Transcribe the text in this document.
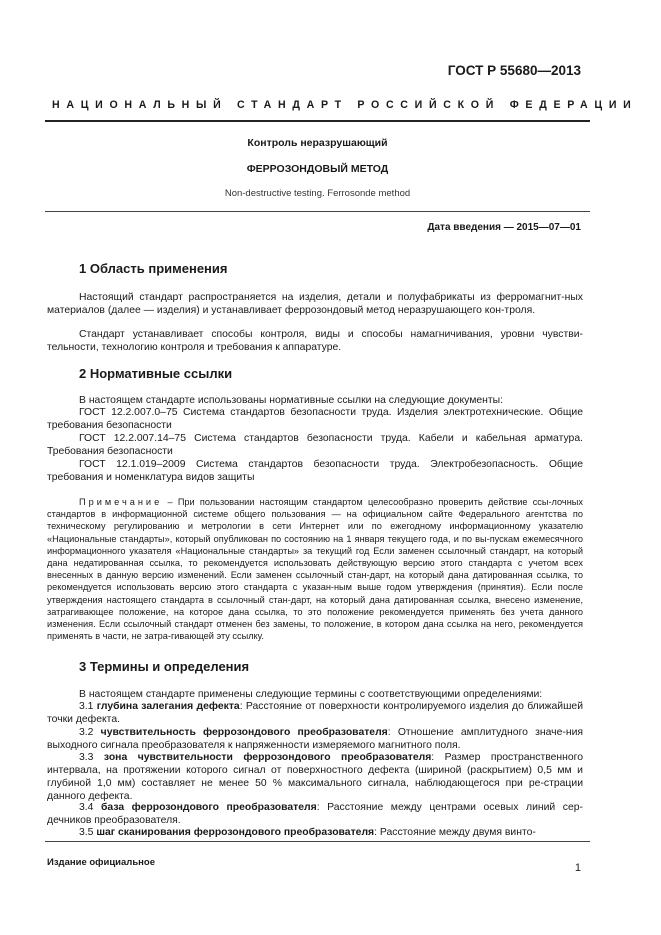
ГОСТ Р 55680—2013
НАЦИОНАЛЬНЫЙ СТАНДАРТ РОССИЙСКОЙ ФЕДЕРАЦИИ
Контроль неразрушающий
ФЕРРОЗОНДОВЫЙ МЕТОД
Non-destructive testing. Ferrosonde method
Дата введения — 2015—07—01
1 Область применения

Настоящий стандарт распространяется на изделия, детали и полуфабрикаты из ферромагнит-ных материалов (далее — изделия) и устанавливает феррозондовый метод неразрушающего кон-троля.

Стандарт устанавливает способы контроля, виды и способы намагничивания, уровни чувстви-тельности, технологию контроля и требования к аппаратуре.

2 Нормативные ссылки

В настоящем стандарте использованы нормативные ссылки на следующие документы:

ГОСТ 12.2.007.0–75 Система стандартов безопасности труда. Изделия электротехнические. Общие требования безопасности

ГОСТ 12.2.007.14–75 Система стандартов безопасности труда. Кабели и кабельная арматура. Требования безопасности

ГОСТ 12.1.019–2009 Система стандартов безопасности труда. Электробезопасность. Общие требования и номенклатура видов защиты

Примечание – При пользовании настоящим стандартом целесообразно проверить действие ссы-лочных стандартов в информационной системе общего пользования — на официальном сайте Федерального агентства по техническому регулированию и метрологии в сети Интернет или по ежегодному информационному указателю «Национальные стандарты», который опубликован по состоянию на 1 января текущего года, и по вы-пускам ежемесячного информационного указателя «Национальные стандарты» за текущий год Если заменен ссылочный стандарт, на который дана недатированная ссылка, то рекомендуется использовать действующую версию этого стандарта с учетом всех внесенных в данную версию изменений. Если заменен ссылочный стан-дарт, на который дана датированная ссылка, то рекомендуется использовать версию этого стандарта с указан-ным выше годом утверждения (принятия). Если после утверждения настоящего стандарта в ссылочный стан-дарт, на который дана датированная ссылка, внесено изменение, затрагивающее положение, на которое дана ссылка, то это положение рекомендуется применять без учета данного изменения. Если ссылочный стандарт отменен без замены, то положение, в котором дана ссылка на него, рекомендуется применять в части, не затра-гивающей эту ссылку.

3 Термины и определения

В настоящем стандарте применены следующие термины с соответствующими определениями:

3.1 глубина залегания дефекта: Расстояние от поверхности контролируемого изделия до ближайшей точки дефекта.

3.2 чувствительность феррозондового преобразователя: Отношение амплитудного значе-ния выходного сигнала преобразователя к напряженности измеряемого магнитного поля.

3.3 зона чувствительности феррозондового преобразователя: Размер пространственного интервала, на протяжении которого сигнал от поверхностного дефекта (шириной (раскрытием) 0,5 мм и глубиной 1,0 мм) составляет не менее 50 % максимального сигнала, наблюдающегося при ре-страции данного дефекта.

3.4 база феррозондового преобразователя: Расстояние между центрами осевых линий сер-дечников преобразователя.

3.5 шаг сканирования феррозондового преобразователя: Расстояние между двумя винто-

Издание официальное	1
